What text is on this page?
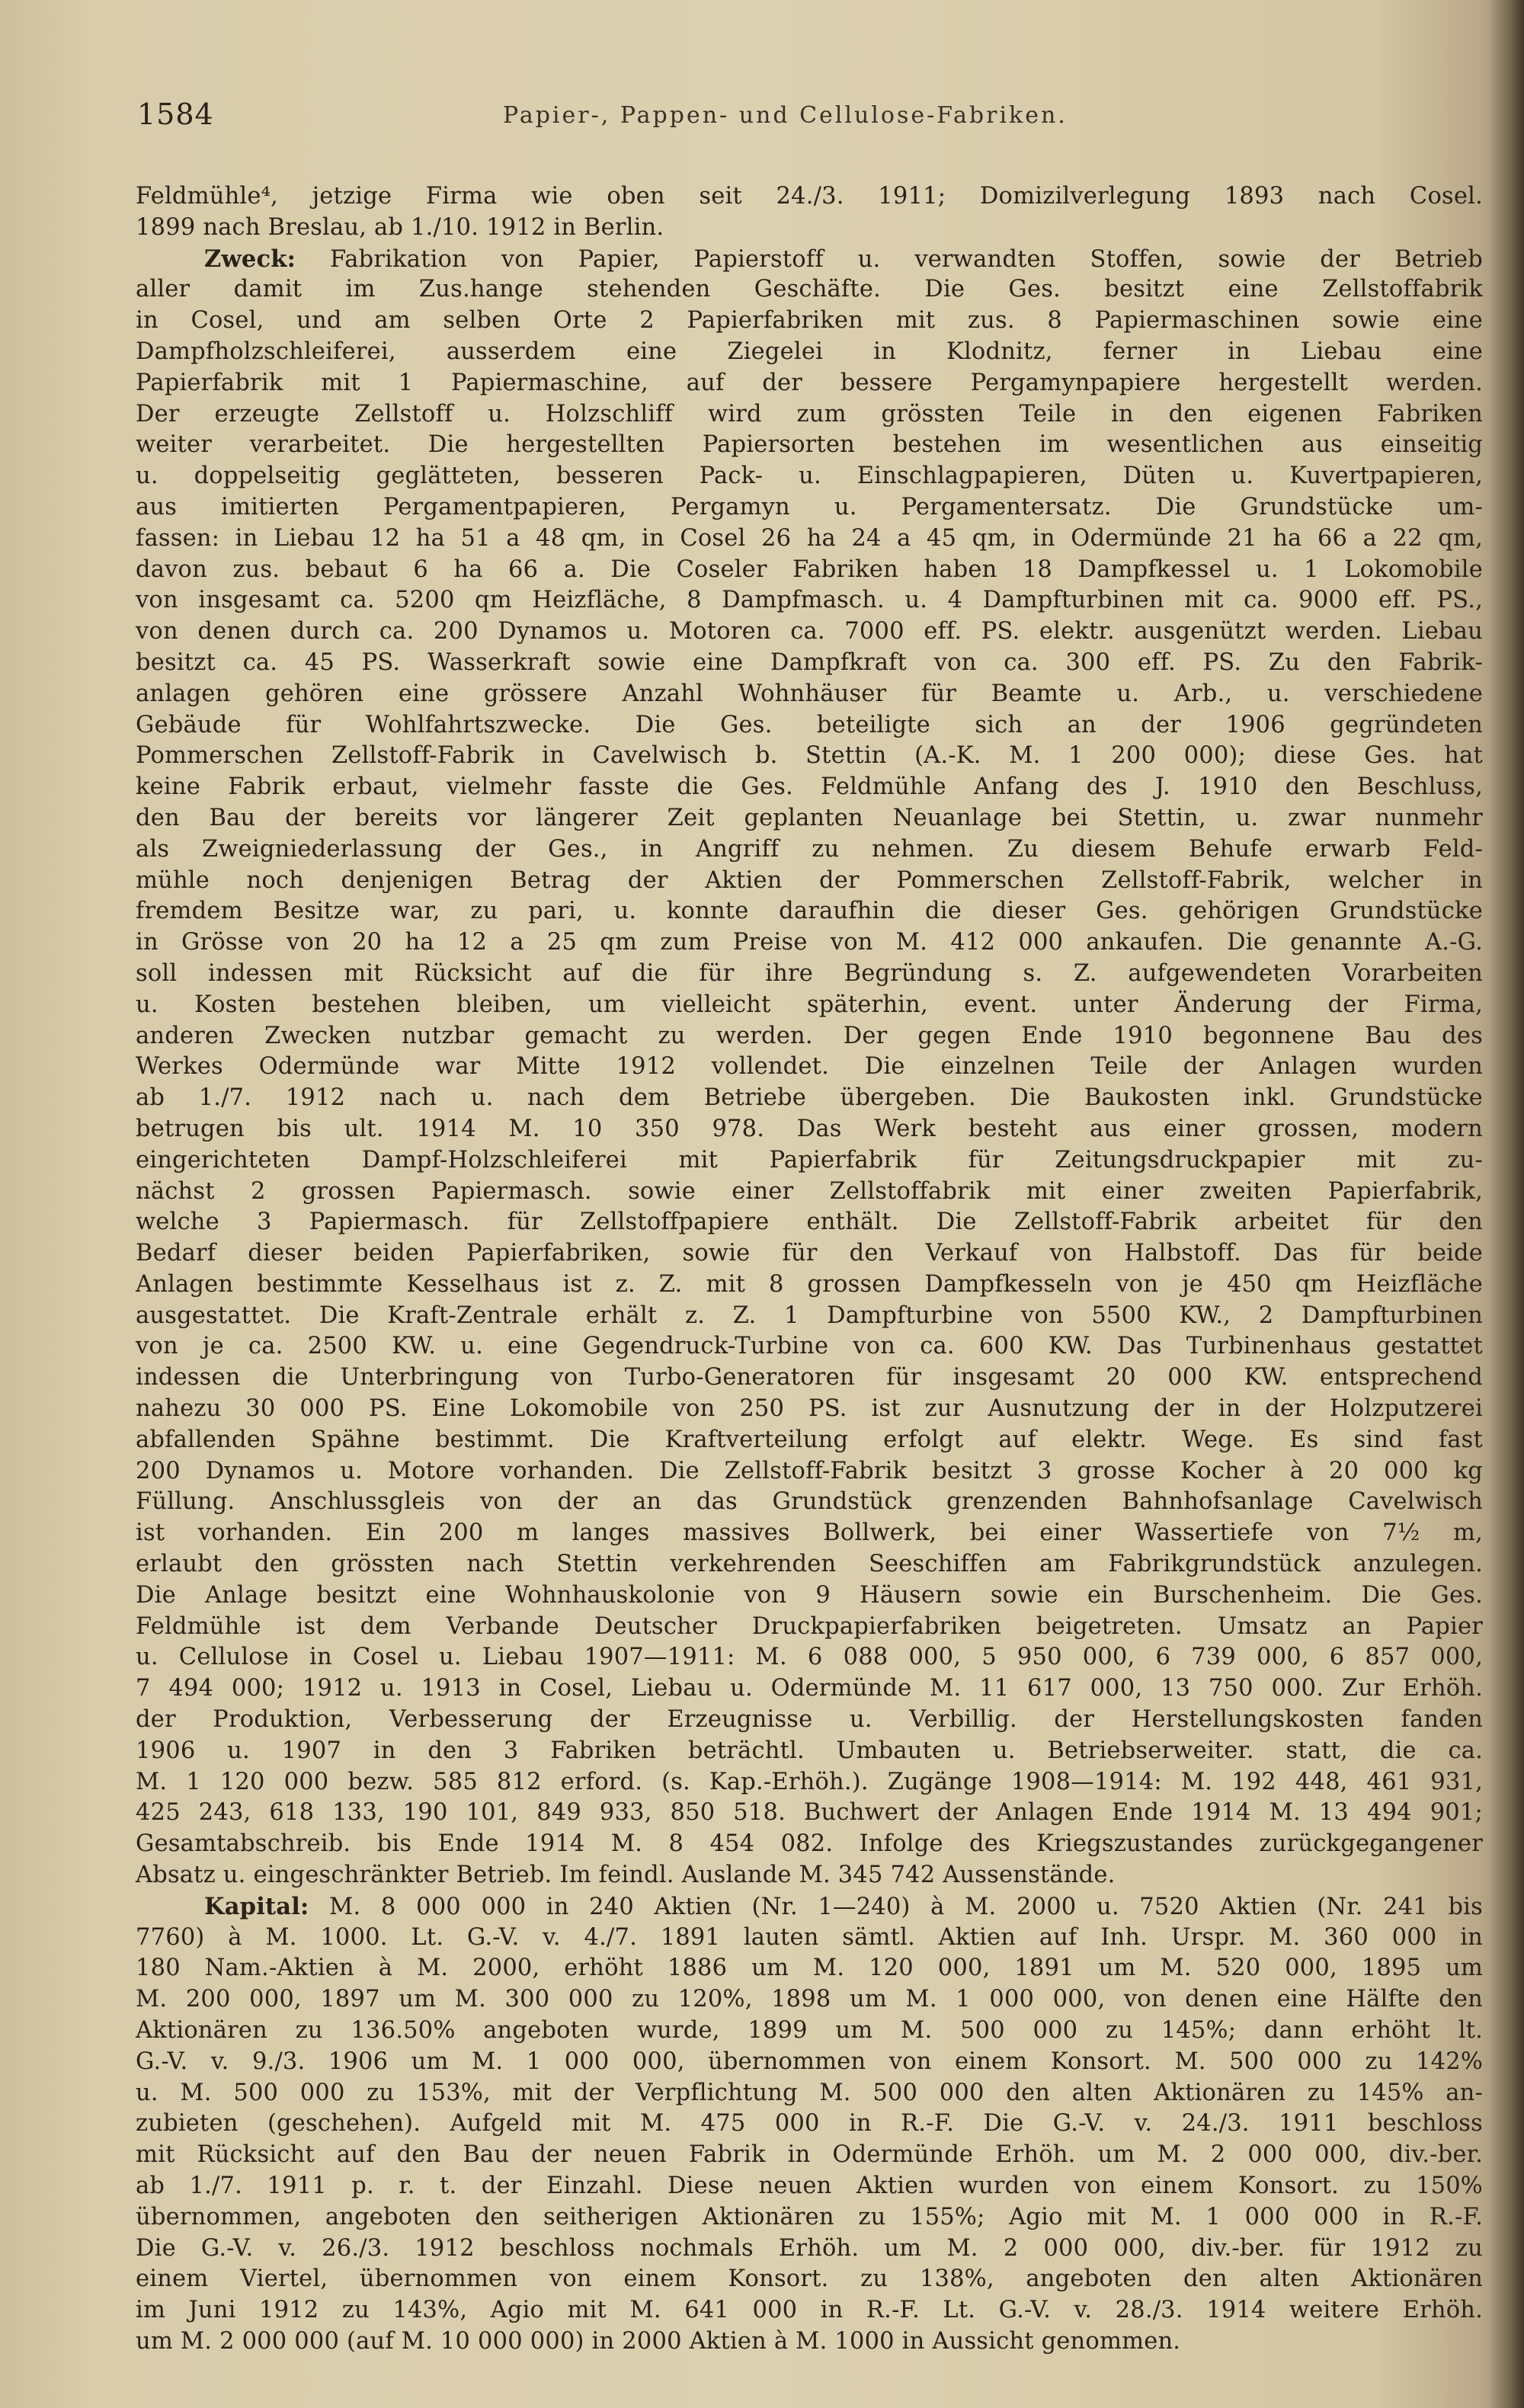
1584	Papier-, Pappen- und Cellulose-Fabriken.
Feldmühle⁴, jetzige Firma wie oben seit 24./3. 1911; Domizilverlegung 1893 nach Cosel.
1899 nach Breslau, ab 1./10. 1912 in Berlin.
Zweck: Fabrikation von Papier, Papierstoff u. verwandten Stoffen, sowie der Betrieb
aller damit im Zus.hange stehenden Geschäfte. Die Ges. besitzt eine Zellstoffabrik
in Cosel, und am selben Orte 2 Papierfabriken mit zus. 8 Papiermaschinen sowie eine
Dampfholzschleiferei, ausserdem eine Ziegelei in Klodnitz, ferner in Liebau eine
Papierfabrik mit 1 Papiermaschine, auf der bessere Pergamynpapiere hergestellt werden.
Der erzeugte Zellstoff u. Holzschliff wird zum grössten Teile in den eigenen Fabriken
weiter verarbeitet. Die hergestellten Papiersorten bestehen im wesentlichen aus einseitig
u. doppelseitig geglätteten, besseren Pack- u. Einschlagpapieren, Düten u. Kuvertpapieren,
aus imitierten Pergamentpapieren, Pergamyn u. Pergamentersatz. Die Grundstücke um-
fassen: in Liebau 12 ha 51 a 48 qm, in Cosel 26 ha 24 a 45 qm, in Odermünde 21 ha 66 a 22 qm,
davon zus. bebaut 6 ha 66 a. Die Coseler Fabriken haben 18 Dampfkessel u. 1 Lokomobile
von insgesamt ca. 5200 qm Heizfläche, 8 Dampfmasch. u. 4 Dampfturbinen mit ca. 9000 eff. PS.,
von denen durch ca. 200 Dynamos u. Motoren ca. 7000 eff. PS. elektr. ausgenützt werden. Liebau
besitzt ca. 45 PS. Wasserkraft sowie eine Dampfkraft von ca. 300 eff. PS. Zu den Fabrik-
anlagen gehören eine grössere Anzahl Wohnhäuser für Beamte u. Arb., u. verschiedene
Gebäude für Wohlfahrtszwecke. Die Ges. beteiligte sich an der 1906 gegründeten
Pommerschen Zellstoff-Fabrik in Cavelwisch b. Stettin (A.-K. M. 1 200 000); diese Ges. hat
keine Fabrik erbaut, vielmehr fasste die Ges. Feldmühle Anfang des J. 1910 den Beschluss,
den Bau der bereits vor längerer Zeit geplanten Neuanlage bei Stettin, u. zwar nunmehr
als Zweigniederlassung der Ges., in Angriff zu nehmen. Zu diesem Behufe erwarb Feld-
mühle noch denjenigen Betrag der Aktien der Pommerschen Zellstoff-Fabrik, welcher in
fremdem Besitze war, zu pari, u. konnte daraufhin die dieser Ges. gehörigen Grundstücke
in Grösse von 20 ha 12 a 25 qm zum Preise von M. 412 000 ankaufen. Die genannte A.-G.
soll indessen mit Rücksicht auf die für ihre Begründung s. Z. aufgewendeten Vorarbeiten
u. Kosten bestehen bleiben, um vielleicht späterhin, event. unter Änderung der Firma,
anderen Zwecken nutzbar gemacht zu werden. Der gegen Ende 1910 begonnene Bau des
Werkes Odermünde war Mitte 1912 vollendet. Die einzelnen Teile der Anlagen wurden
ab 1./7. 1912 nach u. nach dem Betriebe übergeben. Die Baukosten inkl. Grundstücke
betrugen bis ult. 1914 M. 10 350 978. Das Werk besteht aus einer grossen, modern
eingerichteten Dampf-Holzschleiferei mit Papierfabrik für Zeitungsdruckpapier mit zu-
nächst 2 grossen Papiermasch. sowie einer Zellstoffabrik mit einer zweiten Papierfabrik,
welche 3 Papiermasch. für Zellstoffpapiere enthält. Die Zellstoff-Fabrik arbeitet für den
Bedarf dieser beiden Papierfabriken, sowie für den Verkauf von Halbstoff. Das für beide
Anlagen bestimmte Kesselhaus ist z. Z. mit 8 grossen Dampfkesseln von je 450 qm Heizfläche
ausgestattet. Die Kraft-Zentrale erhält z. Z. 1 Dampfturbine von 5500 KW., 2 Dampfturbinen
von je ca. 2500 KW. u. eine Gegendruck-Turbine von ca. 600 KW. Das Turbinenhaus gestattet
indessen die Unterbringung von Turbo-Generatoren für insgesamt 20 000 KW. entsprechend
nahezu 30 000 PS. Eine Lokomobile von 250 PS. ist zur Ausnutzung der in der Holzputzerei
abfallenden Spähne bestimmt. Die Kraftverteilung erfolgt auf elektr. Wege. Es sind fast
200 Dynamos u. Motore vorhanden. Die Zellstoff-Fabrik besitzt 3 grosse Kocher à 20 000 kg
Füllung. Anschlussgleis von der an das Grundstück grenzenden Bahnhofsanlage Cavelwisch
ist vorhanden. Ein 200 m langes massives Bollwerk, bei einer Wassertiefe von 7½ m,
erlaubt den grössten nach Stettin verkehrenden Seeschiffen am Fabrikgrundstück anzulegen.
Die Anlage besitzt eine Wohnhauskolonie von 9 Häusern sowie ein Burschenheim. Die Ges.
Feldmühle ist dem Verbande Deutscher Druckpapierfabriken beigetreten. Umsatz an Papier
u. Cellulose in Cosel u. Liebau 1907—1911: M. 6 088 000, 5 950 000, 6 739 000, 6 857 000,
7 494 000; 1912 u. 1913 in Cosel, Liebau u. Odermünde M. 11 617 000, 13 750 000. Zur Erhöh.
der Produktion, Verbesserung der Erzeugnisse u. Verbillig. der Herstellungskosten fanden
1906 u. 1907 in den 3 Fabriken beträchtl. Umbauten u. Betriebserweiter. statt, die ca.
M. 1 120 000 bezw. 585 812 erford. (s. Kap.-Erhöh.). Zugänge 1908—1914: M. 192 448, 461 931,
425 243, 618 133, 190 101, 849 933, 850 518. Buchwert der Anlagen Ende 1914 M. 13 494 901;
Gesamtabschreib. bis Ende 1914 M. 8 454 082. Infolge des Kriegszustandes zurückgegangener
Absatz u. eingeschränkter Betrieb. Im feindl. Auslande M. 345 742 Aussenstände.
Kapital: M. 8 000 000 in 240 Aktien (Nr. 1—240) à M. 2000 u. 7520 Aktien (Nr. 241 bis
7760) à M. 1000. Lt. G.-V. v. 4./7. 1891 lauten sämtl. Aktien auf Inh. Urspr. M. 360 000 in
180 Nam.-Aktien à M. 2000, erhöht 1886 um M. 120 000, 1891 um M. 520 000, 1895 um
M. 200 000, 1897 um M. 300 000 zu 120%, 1898 um M. 1 000 000, von denen eine Hälfte den
Aktionären zu 136.50% angeboten wurde, 1899 um M. 500 000 zu 145%; dann erhöht lt.
G.-V. v. 9./3. 1906 um M. 1 000 000, übernommen von einem Konsort. M. 500 000 zu 142%
u. M. 500 000 zu 153%, mit der Verpflichtung M. 500 000 den alten Aktionären zu 145% an-
zubieten (geschehen). Aufgeld mit M. 475 000 in R.-F. Die G.-V. v. 24./3. 1911 beschloss
mit Rücksicht auf den Bau der neuen Fabrik in Odermünde Erhöh. um M. 2 000 000, div.-ber.
ab 1./7. 1911 p. r. t. der Einzahl. Diese neuen Aktien wurden von einem Konsort. zu 150%
übernommen, angeboten den seitherigen Aktionären zu 155%; Agio mit M. 1 000 000 in R.-F.
Die G.-V. v. 26./3. 1912 beschloss nochmals Erhöh. um M. 2 000 000, div.-ber. für 1912 zu
einem Viertel, übernommen von einem Konsort. zu 138%, angeboten den alten Aktionären
im Juni 1912 zu 143%, Agio mit M. 641 000 in R.-F. Lt. G.-V. v. 28./3. 1914 weitere Erhöh.
um M. 2 000 000 (auf M. 10 000 000) in 2000 Aktien à M. 1000 in Aussicht genommen.
